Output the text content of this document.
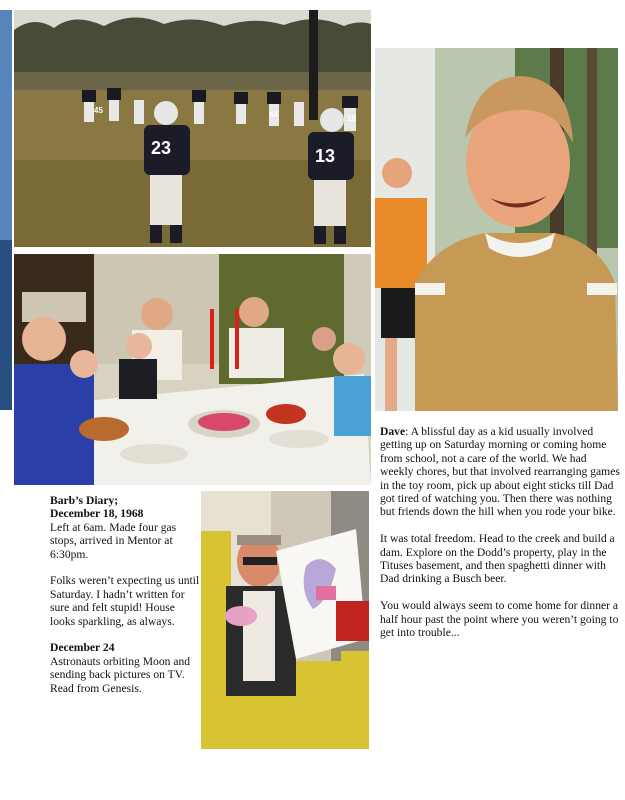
23	13
45	44	19
Barb’s Diary;
December 18, 1968

Left at 6am. Made four gas stops, arrived in Mentor at 6:30pm.

Folks weren’t expecting us until Saturday. I hadn’t written for sure and felt stupid! House looks sparkling, as always.

December 24

Astronauts orbiting Moon and sending back pictures on TV. Read from Genesis.

Dave: A blissful day as a kid usually involved getting up on Saturday morning or coming home from school, not a care of the world. We had weekly chores, but that involved rearranging games in the toy room, pick up about eight sticks till Dad got tired of watching you. Then there was nothing but friends down the hill when you rode your bike.

It was total freedom. Head to the creek and build a dam. Explore on the Dodd’s property, play in the Tituses basement, and then spaghetti dinner with Dad drinking a Busch beer.

You would always seem to come home for dinner a half hour past the point where you weren’t going to get into trouble...
